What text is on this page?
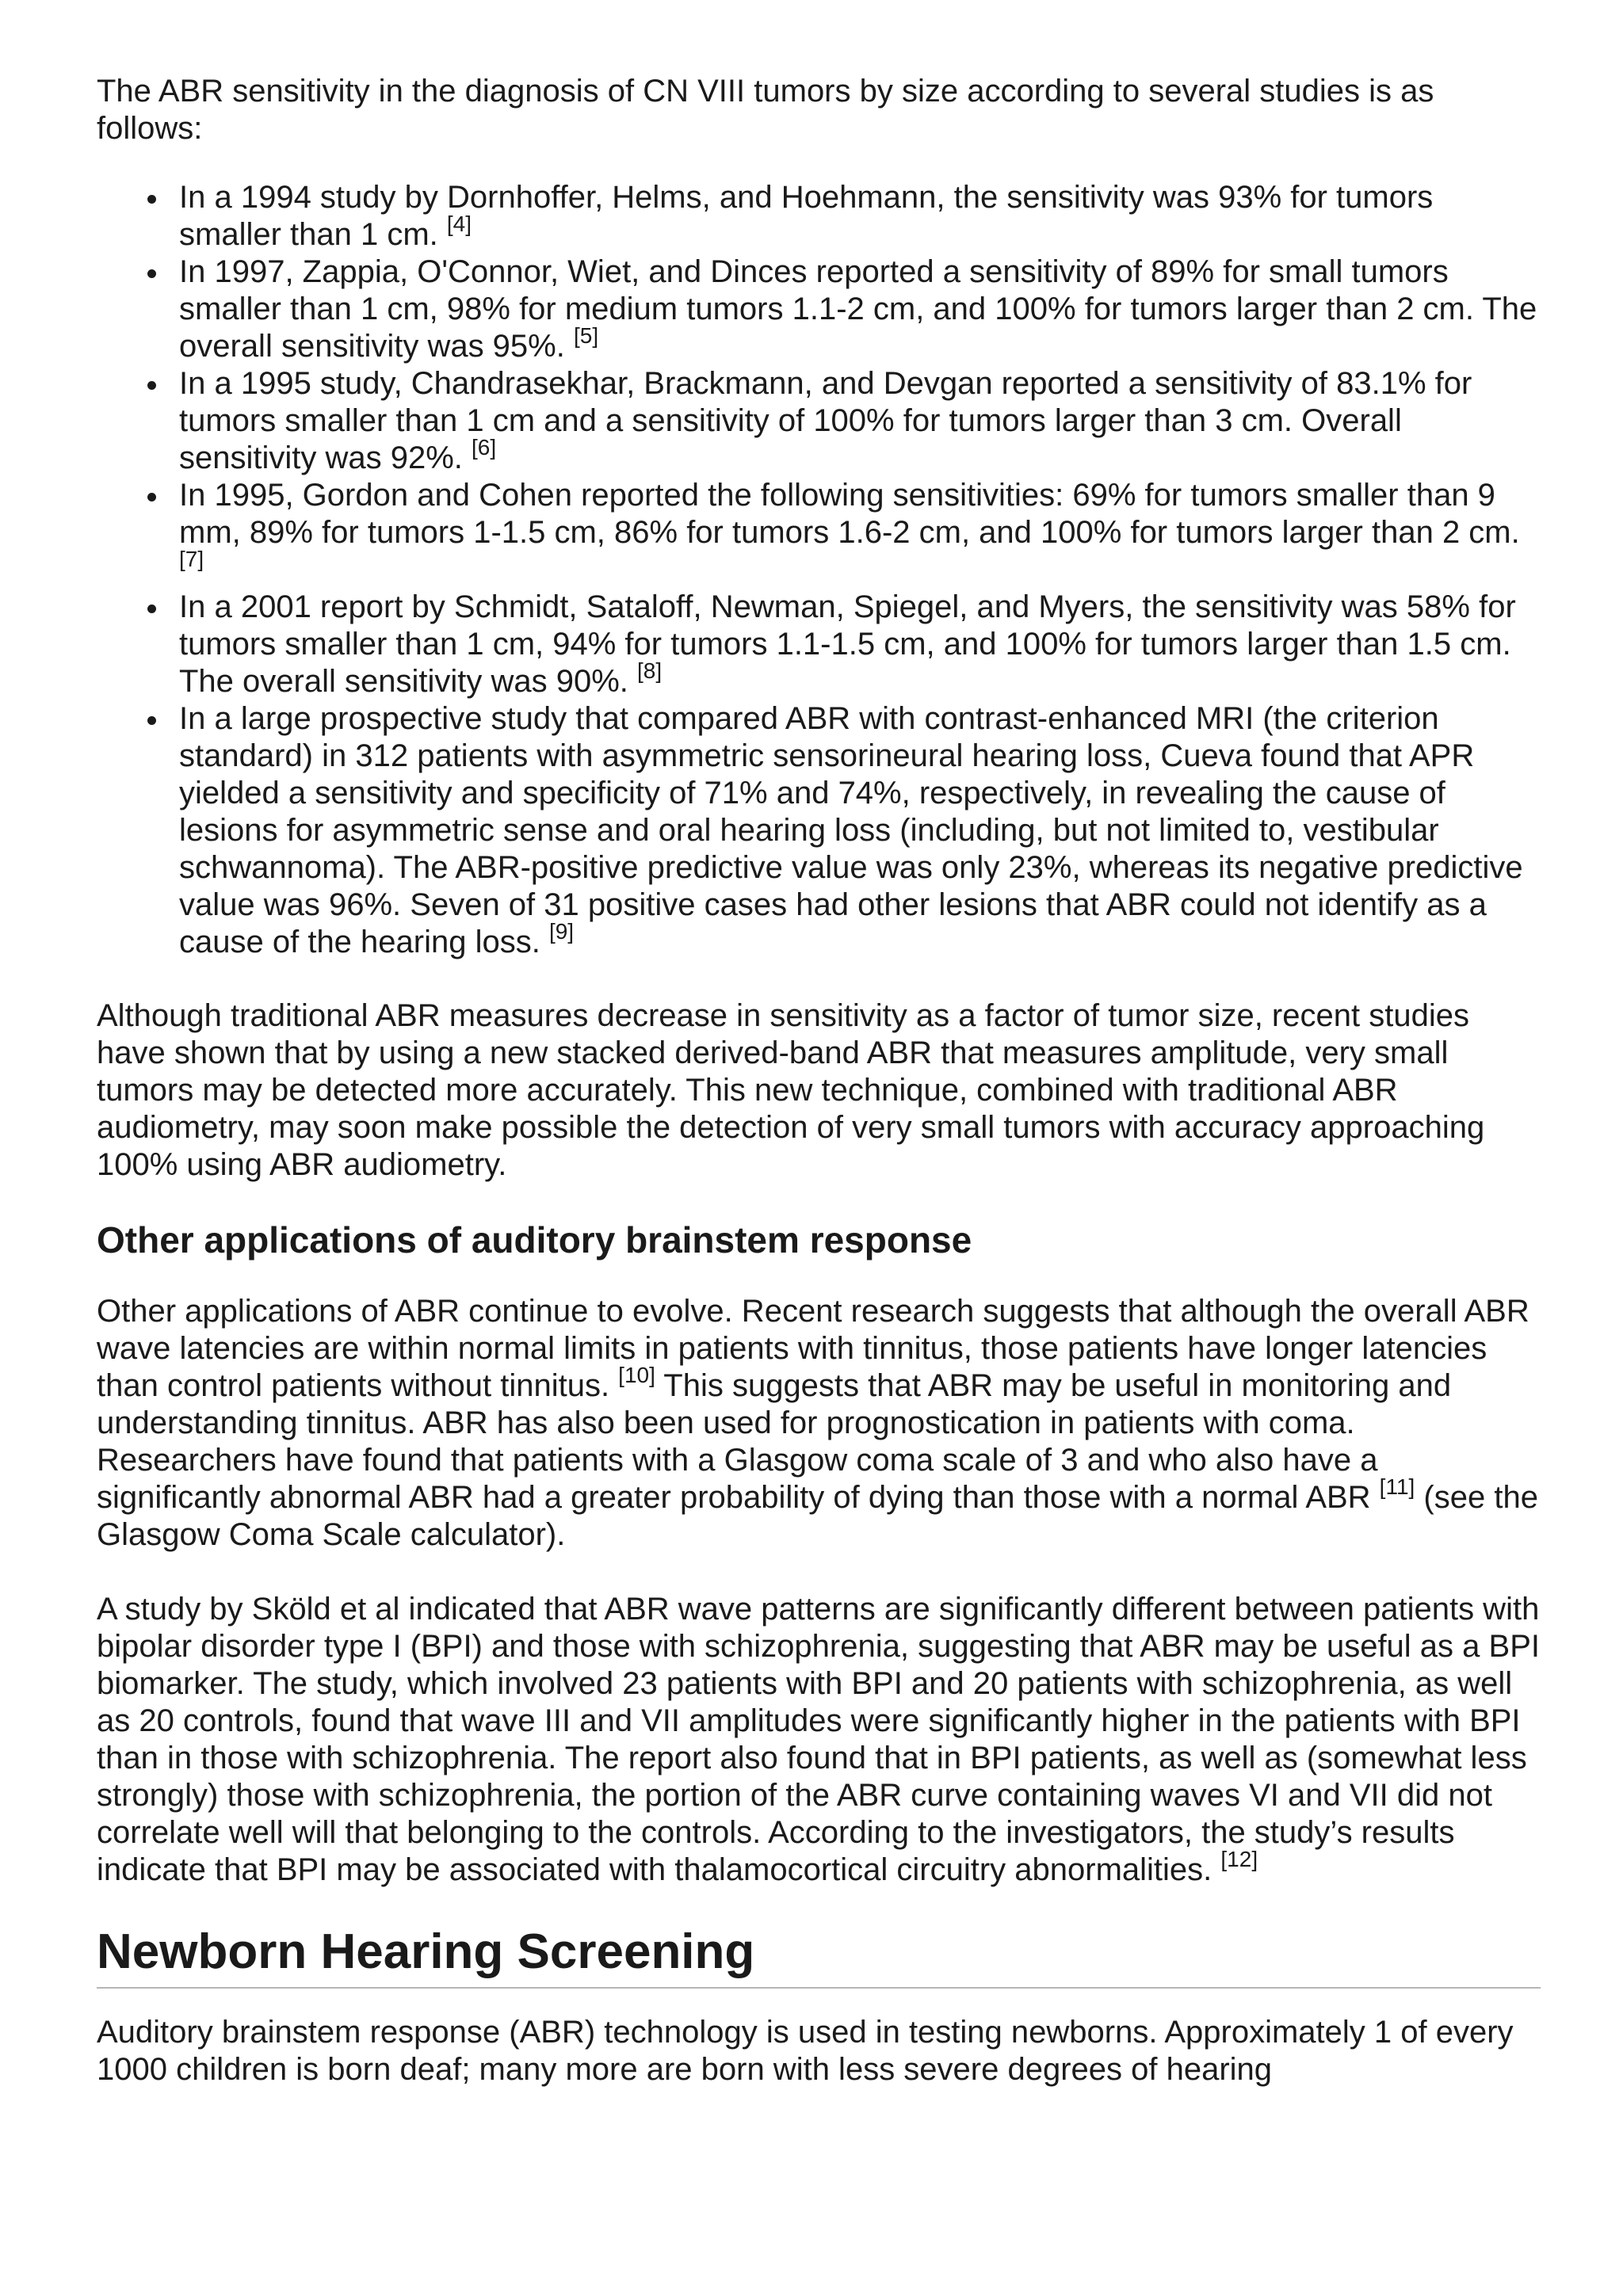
The ABR sensitivity in the diagnosis of CN VIII tumors by size according to several studies is as follows:

In a 1994 study by Dornhoffer, Helms, and Hoehmann, the sensitivity was 93% for tumors smaller than 1 cm. [4]
In 1997, Zappia, O'Connor, Wiet, and Dinces reported a sensitivity of 89% for small tumors smaller than 1 cm, 98% for medium tumors 1.1-2 cm, and 100% for tumors larger than 2 cm. The overall sensitivity was 95%. [5]
In a 1995 study, Chandrasekhar, Brackmann, and Devgan reported a sensitivity of 83.1% for tumors smaller than 1 cm and a sensitivity of 100% for tumors larger than 3 cm. Overall sensitivity was 92%. [6]
In 1995, Gordon and Cohen reported the following sensitivities: 69% for tumors smaller than 9 mm, 89% for tumors 1-1.5 cm, 86% for tumors 1.6-2 cm, and 100% for tumors larger than 2 cm. [7]
In a 2001 report by Schmidt, Sataloff, Newman, Spiegel, and Myers, the sensitivity was 58% for tumors smaller than 1 cm, 94% for tumors 1.1-1.5 cm, and 100% for tumors larger than 1.5 cm. The overall sensitivity was 90%. [8]
In a large prospective study that compared ABR with contrast-enhanced MRI (the criterion standard) in 312 patients with asymmetric sensorineural hearing loss, Cueva found that APR yielded a sensitivity and specificity of 71% and 74%, respectively, in revealing the cause of lesions for asymmetric sense and oral hearing loss (including, but not limited to, vestibular schwannoma). The ABR-positive predictive value was only 23%, whereas its negative predictive value was 96%. Seven of 31 positive cases had other lesions that ABR could not identify as a cause of the hearing loss. [9]

Although traditional ABR measures decrease in sensitivity as a factor of tumor size, recent studies have shown that by using a new stacked derived-band ABR that measures amplitude, very small tumors may be detected more accurately. This new technique, combined with traditional ABR audiometry, may soon make possible the detection of very small tumors with accuracy approaching 100% using ABR audiometry.

Other applications of auditory brainstem response

Other applications of ABR continue to evolve. Recent research suggests that although the overall ABR wave latencies are within normal limits in patients with tinnitus, those patients have longer latencies than control patients without tinnitus. [10] This suggests that ABR may be useful in monitoring and understanding tinnitus. ABR has also been used for prognostication in patients with coma. Researchers have found that patients with a Glasgow coma scale of 3 and who also have a significantly abnormal ABR had a greater probability of dying than those with a normal ABR [11] (see the Glasgow Coma Scale calculator).

A study by Sköld et al indicated that ABR wave patterns are significantly different between patients with bipolar disorder type I (BPI) and those with schizophrenia, suggesting that ABR may be useful as a BPI biomarker. The study, which involved 23 patients with BPI and 20 patients with schizophrenia, as well as 20 controls, found that wave III and VII amplitudes were significantly higher in the patients with BPI than in those with schizophrenia. The report also found that in BPI patients, as well as (somewhat less strongly) those with schizophrenia, the portion of the ABR curve containing waves VI and VII did not correlate well will that belonging to the controls. According to the investigators, the study’s results indicate that BPI may be associated with thalamocortical circuitry abnormalities. [12]

Newborn Hearing Screening

Auditory brainstem response (ABR) technology is used in testing newborns. Approximately 1 of every 1000 children is born deaf; many more are born with less severe degrees of hearing
